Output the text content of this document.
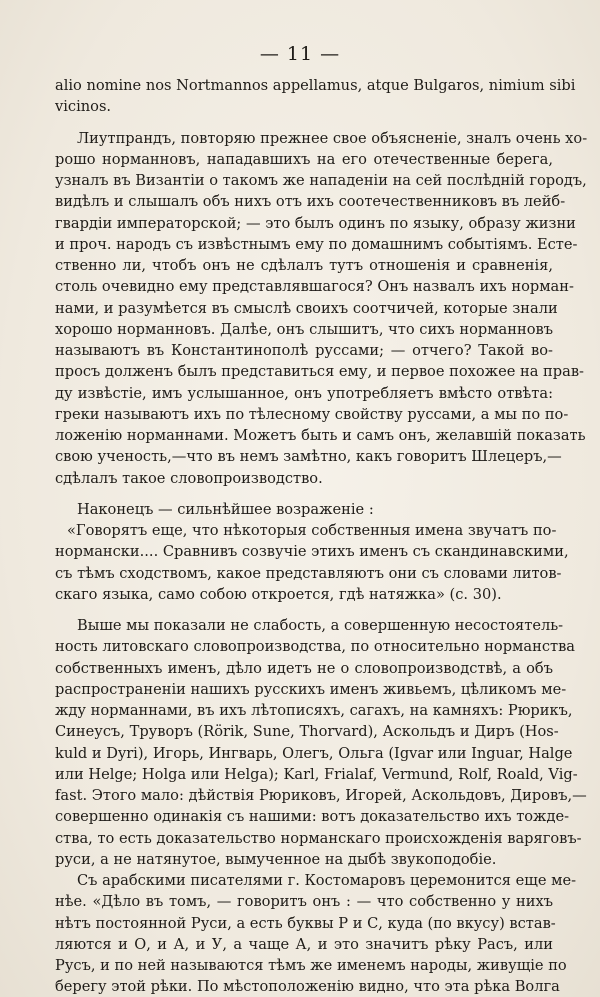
— 11 —
alio nomine nos Nortmannos appellamus, atque Bulgaros, nimium sibi
vicinos.
Лиутпрандъ, повторяю прежнее свое объясненіе, зналъ очень хо-
рошо норманновъ, нападавшихъ на его отечественные берега,
узналъ въ Византіи о такомъ же нападеніи на сей послѣдній городъ,
видѣлъ и слышалъ объ нихъ отъ ихъ соотечественниковъ въ лейб-
гвардіи императорской; — это былъ одинъ по языку, образу жизни
и проч. народъ съ извѣстнымъ ему по домашнимъ событіямъ. Есте-
ственно ли, чтобъ онъ не сдѣлалъ тутъ отношенія и сравненія,
столь очевидно ему представлявшагося? Онъ назвалъ ихъ норман-
нами, и разумѣется въ смыслѣ своихъ соотчичей, которые знали
хорошо норманновъ. Далѣе, онъ слышитъ, что сихъ норманновъ
называютъ въ Константинополѣ руссами; — отчего? Такой во-
просъ долженъ былъ представиться ему, и первое похожее на прав-
ду извѣстіе, имъ услышанное, онъ употребляетъ вмѣсто отвѣта:
греки называютъ ихъ по тѣлесному свойству руссами, а мы по по-
ложенію норманнами. Можетъ быть и самъ онъ, желавшій показать
свою ученость,—что въ немъ замѣтно, какъ говоритъ Шлецеръ,—
сдѣлалъ такое словопроизводство.
Наконецъ — сильнѣйшее возраженіе :
«Говорятъ еще, что нѣкоторыя собственныя имена звучатъ по-
нормански.... Сравнивъ созвучіе этихъ именъ съ скандинавскими,
съ тѣмъ сходствомъ, какое представляютъ они съ словами литов-
скаго языка, само собою откроется, гдѣ натяжка» (с. 30).
Выше мы показали не слабость, а совершенную несостоятель-
ность литовскаго словопроизводства, по относительно норманства
собственныхъ именъ, дѣло идетъ не о словопроизводствѣ, а объ
распространеніи нашихъ русскихъ именъ живьемъ, цѣликомъ ме-
жду норманнами, въ ихъ лѣтописяхъ, сагахъ, на камняхъ: Рюрикъ,
Синеусъ, Труворъ (Rörik, Sune, Thorvard), Аскольдъ и Диръ (Hos-
kuld и Dyri), Игорь, Ингварь, Олегъ, Ольга (Igvar или Inguar, Halge
или Helge; Holga или Helga); Karl, Frialaf, Vermund, Rolf, Roald, Vig-
fast. Этого мало: дѣйствія Рюриковъ, Игорей, Аскольдовъ, Дировъ,—
совершенно одинакія съ нашими: вотъ доказательство ихъ тожде-
ства, то есть доказательство норманскаго происхожденія варяговъ-
руси, а не натянутое, вымученное на дыбѣ звукоподобіе.
Съ арабскими писателями г. Костомаровъ церемонится еще ме-
нѣе. «Дѣло въ томъ, — говоритъ онъ : — что собственно у нихъ
нѣтъ постоянной Руси, а есть буквы Р и С, куда (по вкусу) встав-
ляются и О, и А, и У, а чаще А, и это значитъ рѣку Расъ, или
Русъ, и по ней называются тѣмъ же именемъ народы, живущіе по
берегу этой рѣки. По мѣстоположенію видно, что эта рѣка Волга
